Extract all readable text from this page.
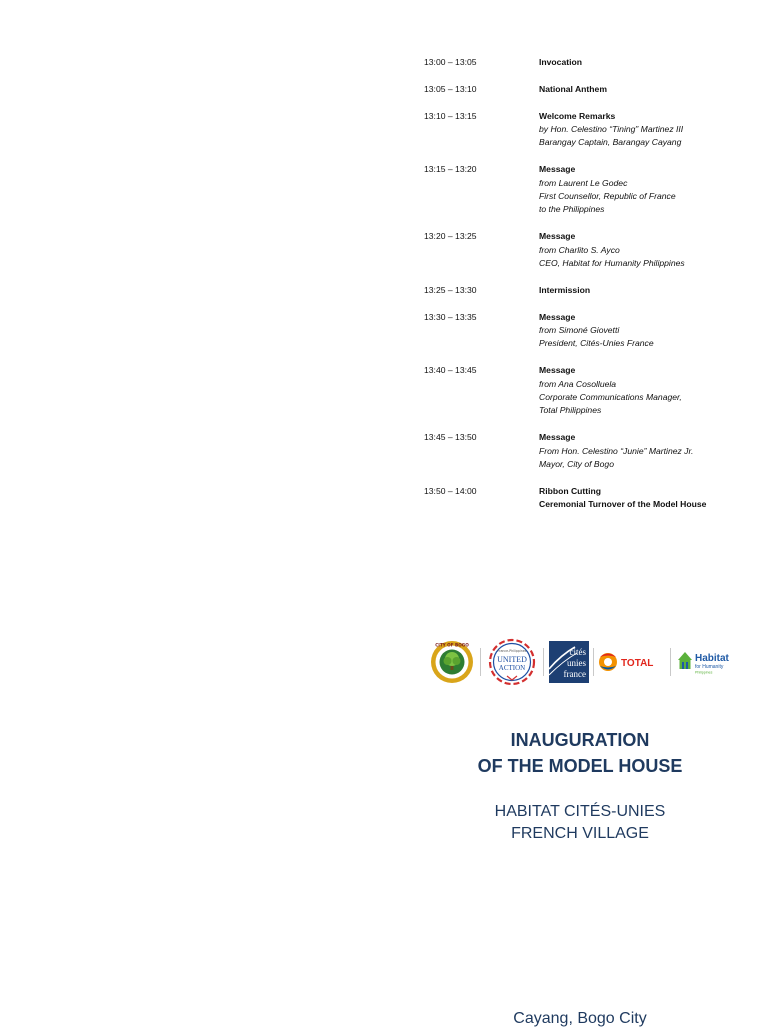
13:00 – 13:05	Invocation
13:05 – 13:10	National Anthem
13:10 – 13:15	Welcome Remarks
by Hon. Celestino “Tining” Martinez III
Barangay Captain, Barangay Cayang
13:15 – 13:20	Message
from Laurent Le Godec
First Counsellor, Republic of France
to the Philippines
13:20 – 13:25	Message
from Charlito S. Ayco
CEO, Habitat for Humanity Philippines
13:25 – 13:30	Intermission
13:30 – 13:35	Message
from Simoné Giovetti
President, Cités-Unies France
13:40 – 13:45	Message
from Ana Cosolluela
Corporate Communications Manager,
Total Philippines
13:45 – 13:50	Message
From Hon. Celestino “Junie” Martinez Jr.
Mayor, City of Bogo
13:50 – 14:00	Ribbon Cutting
Ceremonial Turnover of the Model House
CITY OF BOGO
France-Philippines
UNITED
ACTION
cités
unies
france
TOTAL	Habitat
for Humanity
Philippines
INAUGURATION
OF THE MODEL HOUSE
HABITAT CITÉS-UNIES
FRENCH VILLAGE
Cayang, Bogo City
